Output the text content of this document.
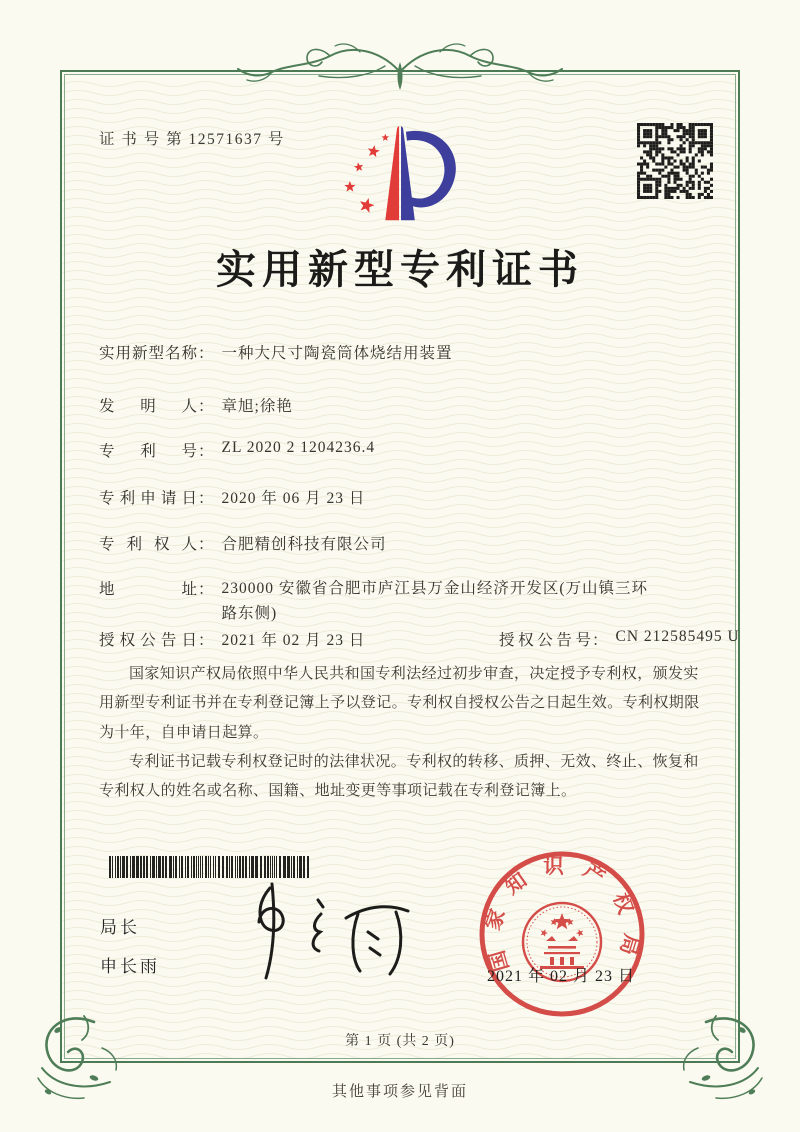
证 书 号 第 12571637 号
实用新型专利证书
实用新型名称： 一种大尺寸陶瓷筒体烧结用装置
发明人： 章旭;徐艳
专利号： ZL 2020 2 1204236.4
专利申请日： 2020 年 06 月 23 日
专利权人： 合肥精创科技有限公司
地址： 230000 安徽省合肥市庐江县万金山经济开发区(万山镇三环路东侧)
授权公告日： 2021 年 02 月 23 日	授权公告号： CN 212585495 U

国家知识产权局依照中华人民共和国专利法经过初步审查，决定授予专利权，颁发实用新型专利证书并在专利登记簿上予以登记。专利权自授权公告之日起生效。专利权期限为十年，自申请日起算。

专利证书记载专利权登记时的法律状况。专利权的转移、质押、无效、终止、恢复和专利权人的姓名或名称、国籍、地址变更等事项记载在专利登记簿上。

局长
申长雨	国家知识产权局
2021 年 02 月 23 日
第 1 页 (共 2 页)
其他事项参见背面
